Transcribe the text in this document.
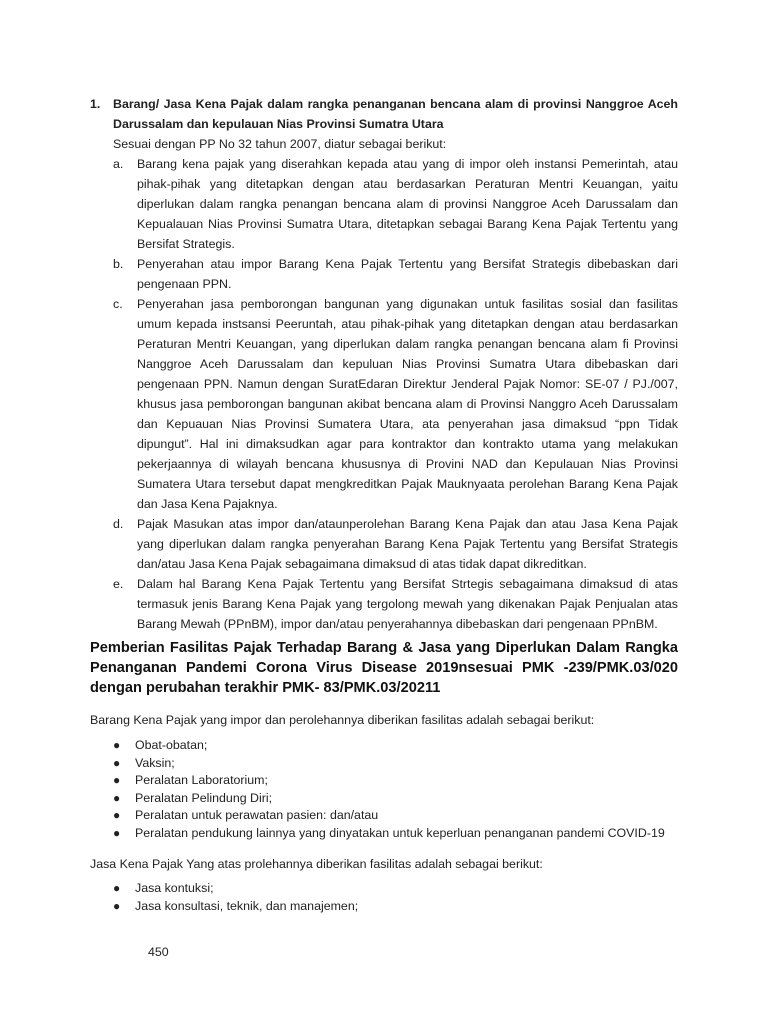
1.	Barang/ Jasa Kena Pajak dalam rangka penanganan bencana alam di provinsi Nanggroe Aceh Darussalam dan kepulauan Nias Provinsi Sumatra Utara
Sesuai dengan PP No 32 tahun 2007, diatur sebagai berikut:
a.	Barang kena pajak yang diserahkan kepada atau yang di impor oleh instansi Pemerintah, atau pihak-pihak yang ditetapkan dengan atau berdasarkan Peraturan Mentri Keuangan, yaitu diperlukan dalam rangka penangan bencana alam di provinsi Nanggroe Aceh Darussalam dan Kepualauan Nias Provinsi Sumatra Utara, ditetapkan sebagai Barang Kena Pajak Tertentu yang Bersifat Strategis.
b.	Penyerahan atau impor Barang Kena Pajak Tertentu yang Bersifat Strategis dibebaskan dari pengenaan PPN.
c.	Penyerahan jasa pemborongan bangunan yang digunakan untuk fasilitas sosial dan fasilitas umum kepada instsansi Peeruntah, atau pihak-pihak yang ditetapkan dengan atau berdasarkan Peraturan Mentri Keuangan, yang diperlukan dalam rangka penangan bencana alam fi Provinsi Nanggroe Aceh Darussalam dan kepuluan Nias Provinsi Sumatra Utara dibebaskan dari pengenaan PPN. Namun dengan SuratEdaran Direktur Jenderal Pajak Nomor: SE-07 / PJ./007, khusus jasa pemborongan bangunan akibat bencana alam di Provinsi Nanggro Aceh Darussalam dan Kepuauan Nias Provinsi Sumatera Utara, ata penyerahan jasa dimaksud “ppn Tidak dipungut”. Hal ini dimaksudkan agar para kontraktor dan kontrakto utama yang melakukan pekerjaannya di wilayah bencana khususnya di Provini NAD dan Kepulauan Nias Provinsi Sumatera Utara tersebut dapat mengkreditkan Pajak Mauknyaata perolehan Barang Kena Pajak dan Jasa Kena Pajaknya.
d.	Pajak Masukan atas impor dan/ataunperolehan Barang Kena Pajak dan atau Jasa Kena Pajak yang diperlukan dalam rangka penyerahan Barang Kena Pajak Tertentu yang Bersifat Strategis dan/atau Jasa Kena Pajak sebagaimana dimaksud di atas tidak dapat dikreditkan.
e.	Dalam hal Barang Kena Pajak Tertentu yang Bersifat Strtegis sebagaimana dimaksud di atas termasuk jenis Barang Kena Pajak yang tergolong mewah yang dikenakan Pajak Penjualan atas Barang Mewah (PPnBM), impor dan/atau penyerahannya dibebaskan dari pengenaan PPnBM.
Pemberian Fasilitas Pajak Terhadap Barang & Jasa yang Diperlukan Dalam Rangka Penanganan Pandemi Corona Virus Disease 2019nsesuai PMK -239/PMK.03/020 dengan perubahan terakhir PMK- 83/PMK.03/20211
Barang Kena Pajak yang impor dan perolehannya diberikan fasilitas adalah sebagai berikut:
● Obat-obatan;
● Vaksin;
● Peralatan Laboratorium;
● Peralatan Pelindung Diri;
● Peralatan untuk perawatan pasien: dan/atau
● Peralatan pendukung lainnya yang dinyatakan untuk keperluan penanganan pandemi COVID-19
Jasa Kena Pajak Yang atas prolehannya diberikan fasilitas adalah sebagai berikut:
● Jasa kontuksi;
● Jasa konsultasi, teknik, dan manajemen;
450
